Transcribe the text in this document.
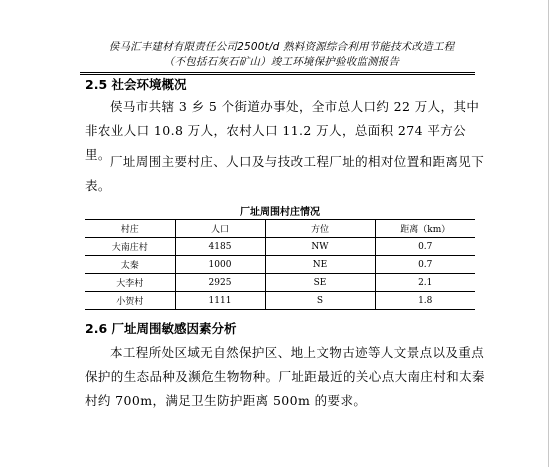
侯马汇丰建材有限责任公司2500t/d 熟料资源综合利用节能技术改造工程
（不包括石灰石矿山）竣工环境保护验收监测报告
2.5 社会环境概况
侯马市共辖 3 乡 5 个街道办事处，全市总人口约 22 万人，其中非农业人口 10.8 万人，农村人口 11.2 万人，总面积 274 平方公里。 厂址周围主要村庄、人口及与技改工程厂址的相对位置和距离见下表。
厂址周围村庄情况
村庄	人口	方位	距离（km）
大南庄村	4185	NW	0.7
太秦	1000	NE	0.7
大李村	2925	SE	2.1
小贺村	1111	S	1.8
2.6 厂址周围敏感因素分析
本工程所处区域无自然保护区、地上文物古迹等人文景点以及重点保护的生态品种及濒危生物物种。厂址距最近的关心点大南庄村和太秦村约 700m，满足卫生防护距离 500m 的要求。
